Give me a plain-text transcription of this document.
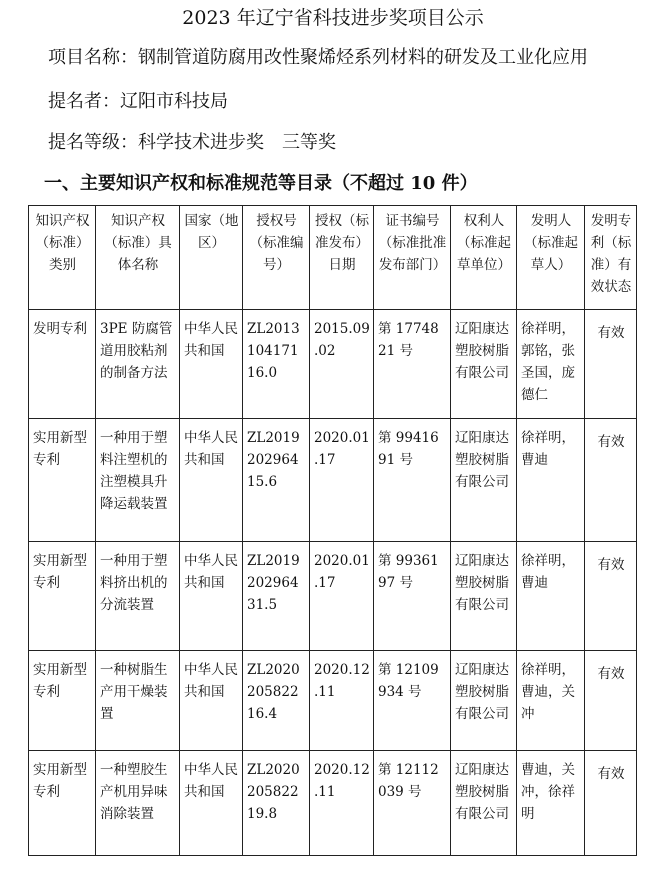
2023 年辽宁省科技进步奖项目公示
项目名称：钢制管道防腐用改性聚烯烃系列材料的研发及工业化应用
提名者：辽阳市科技局
提名等级：科学技术进步奖　三等奖
一、主要知识产权和标准规范等目录（不超过 10 件）
知识产权（标准）类别	知识产权（标准）具体名称	国家（地区）	授权号（标准编号）	授权（标准发布）日期	证书编号（标准批准发布部门）	权利人（标准起草单位）	发明人（标准起草人）	发明专利（标准）有效状态
发明专利	3PE 防腐管道用胶粘剂的制备方法	中华人民共和国	ZL2013104171 16.0	2015.09 .02	第 1774821 号	辽阳康达塑胶树脂有限公司	徐祥明，郭铭，张圣国，庞德仁	有效
实用新型专利	一种用于塑料注塑机的注塑模具升降运载装置	中华人民共和国	ZL2019202964 15.6	2020.01 .17	第 9941691 号	辽阳康达塑胶树脂有限公司	徐祥明，曹迪	有效
实用新型专利	一种用于塑料挤出机的分流装置	中华人民共和国	ZL2019202964 31.5	2020.01 .17	第 9936197 号	辽阳康达塑胶树脂有限公司	徐祥明，曹迪	有效
实用新型专利	一种树脂生产用干燥装置	中华人民共和国	ZL2020205822 16.4	2020.12 .11	第 12109934 号	辽阳康达塑胶树脂有限公司	徐祥明，曹迪，关冲	有效
实用新型专利	一种塑胶生产机用异味消除装置	中华人民共和国	ZL2020205822 19.8	2020.12 .11	第 12112039 号	辽阳康达塑胶树脂有限公司	曹迪，关冲，徐祥明	有效
